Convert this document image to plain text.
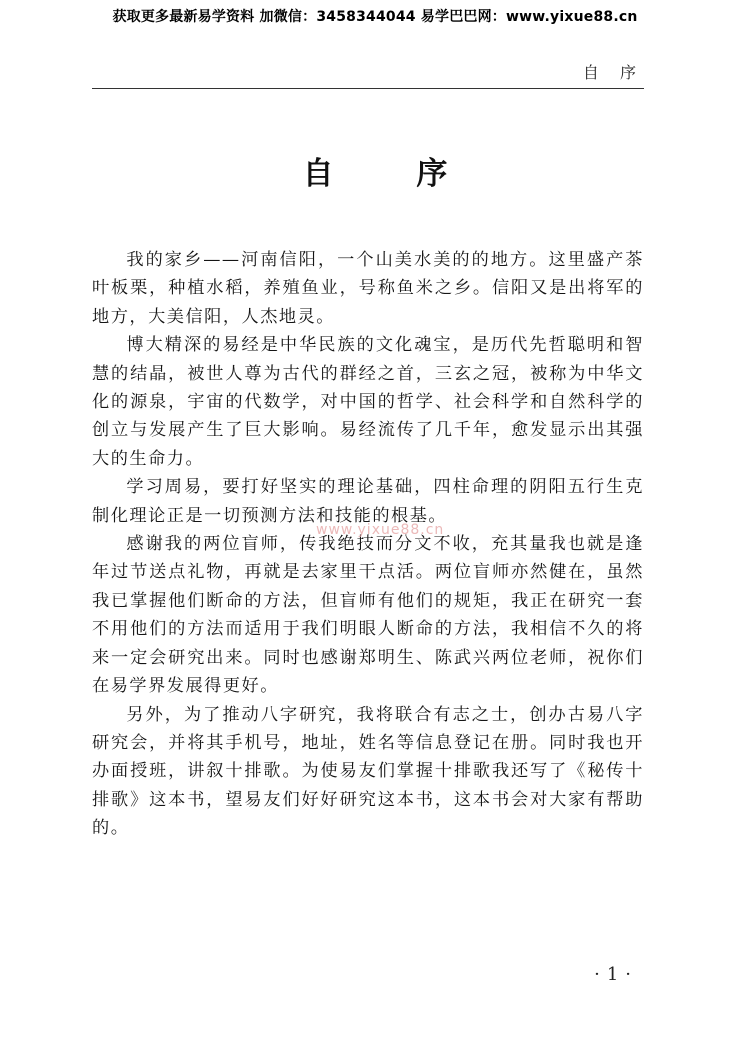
获取更多最新易学资料 加微信：3458344044 易学巴巴网：www.yixue88.cn
自 序
自 序

我的家乡——河南信阳，一个山美水美的的地方。这里盛产茶叶板栗，种植水稻，养殖鱼业，号称鱼米之乡。信阳又是出将军的地方，大美信阳，人杰地灵。

博大精深的易经是中华民族的文化魂宝，是历代先哲聪明和智慧的结晶，被世人尊为古代的群经之首，三玄之冠，被称为中华文化的源泉，宇宙的代数学，对中国的哲学、社会科学和自然科学的创立与发展产生了巨大影响。易经流传了几千年，愈发显示出其强大的生命力。

学习周易，要打好坚实的理论基础，四柱命理的阴阳五行生克制化理论正是一切预测方法和技能的根基。

感谢我的两位盲师，传我绝技而分文不收，充其量我也就是逢年过节送点礼物，再就是去家里干点活。两位盲师亦然健在，虽然我已掌握他们断命的方法，但盲师有他们的规矩，我正在研究一套不用他们的方法而适用于我们明眼人断命的方法，我相信不久的将来一定会研究出来。同时也感谢郑明生、陈武兴两位老师，祝你们在易学界发展得更好。

另外，为了推动八字研究，我将联合有志之士，创办古易八字研究会，并将其手机号，地址，姓名等信息登记在册。同时我也开办面授班，讲叙十排歌。为使易友们掌握十排歌我还写了《秘传十排歌》这本书，望易友们好好研究这本书，这本书会对大家有帮助的。

www.yixue88.cn
·1·
